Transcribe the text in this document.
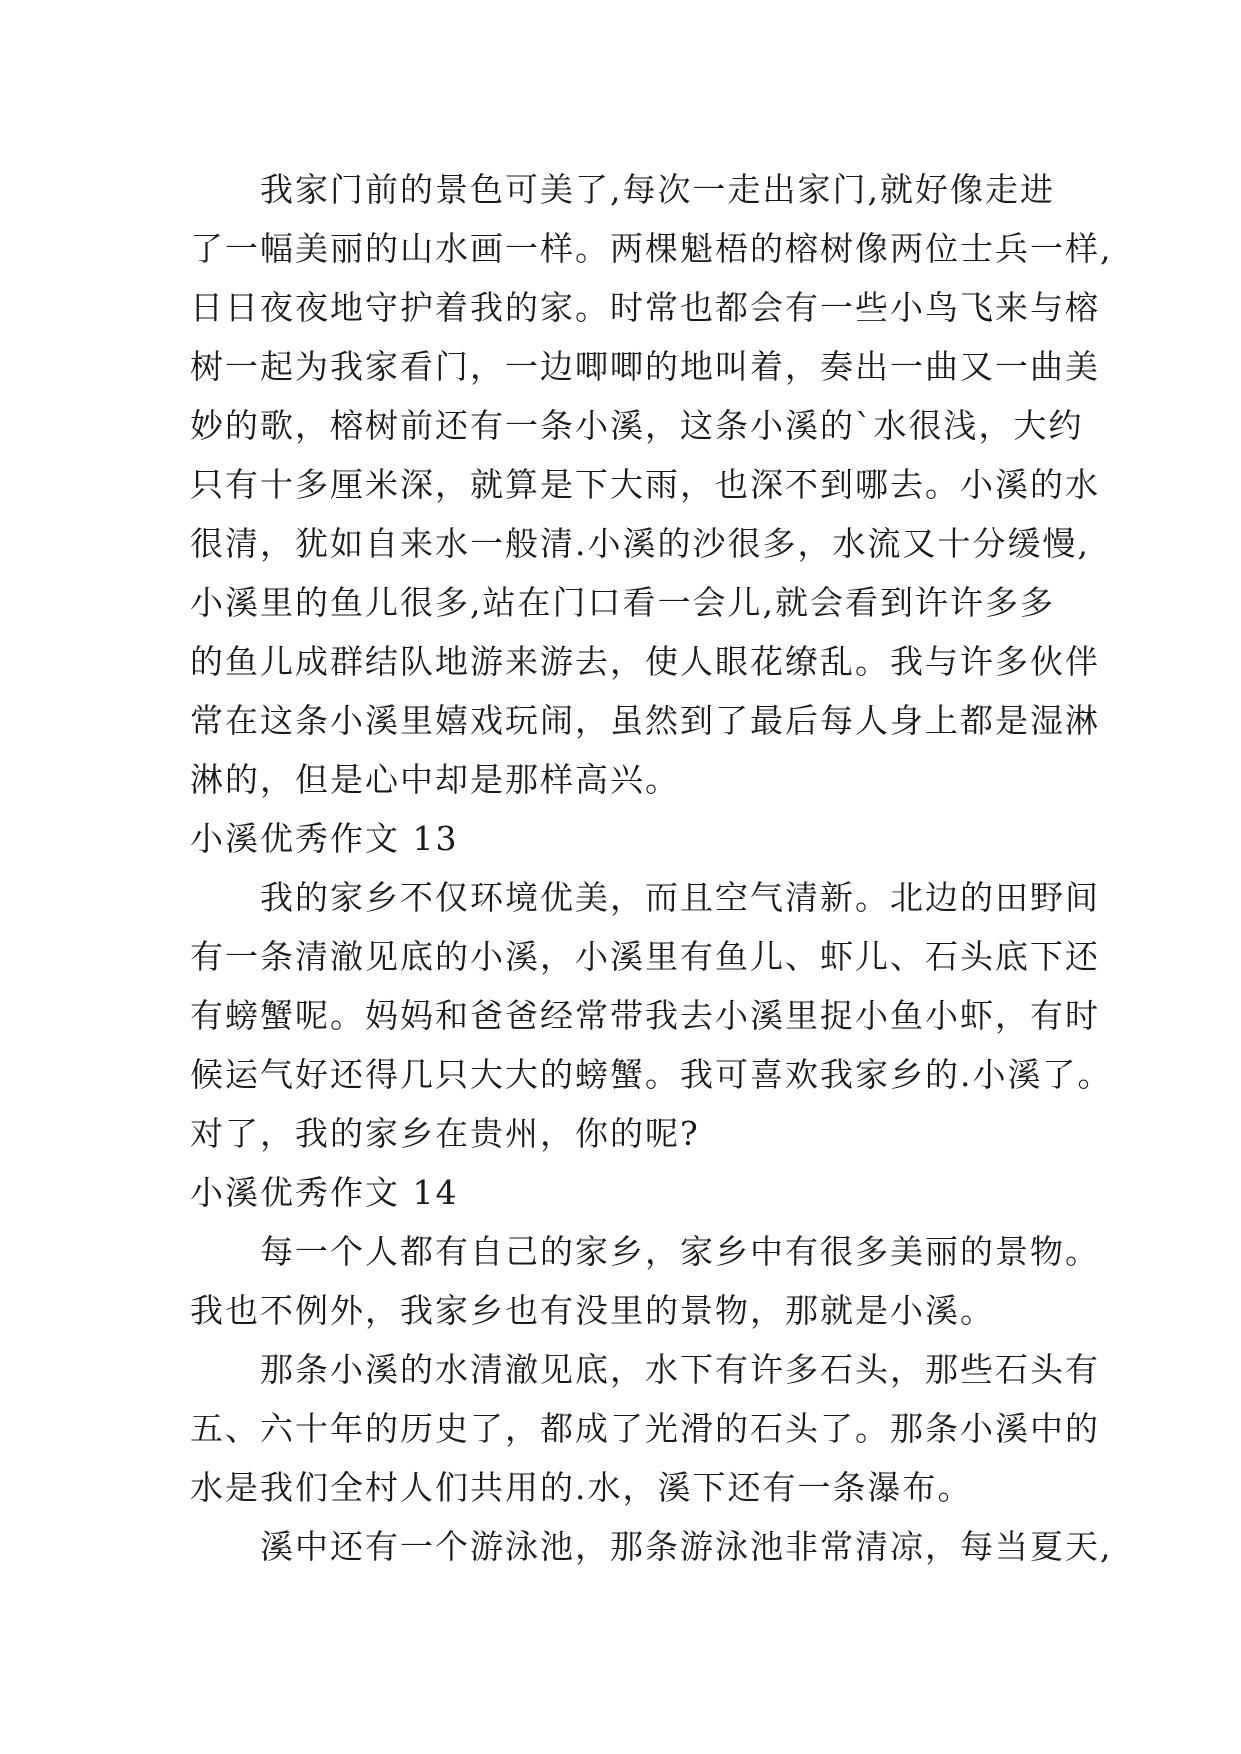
我家门前的景色可美了,每次一走出家门,就好像走进
了一幅美丽的山水画一样。两棵魁梧的榕树像两位士兵一样,
日日夜夜地守护着我的家。时常也都会有一些小鸟飞来与榕
树一起为我家看门，一边唧唧的地叫着，奏出一曲又一曲美
妙的歌，榕树前还有一条小溪，这条小溪的`水很浅，大约
只有十多厘米深，就算是下大雨，也深不到哪去。小溪的水
很清，犹如自来水一般清.小溪的沙很多，水流又十分缓慢,
小溪里的鱼儿很多,站在门口看一会儿,就会看到许许多多
的鱼儿成群结队地游来游去，使人眼花缭乱。我与许多伙伴
常在这条小溪里嬉戏玩闹，虽然到了最后每人身上都是湿淋
淋的，但是心中却是那样高兴。
小溪优秀作文 13
我的家乡不仅环境优美，而且空气清新。北边的田野间
有一条清澈见底的小溪，小溪里有鱼儿、虾儿、石头底下还
有螃蟹呢。妈妈和爸爸经常带我去小溪里捉小鱼小虾，有时
候运气好还得几只大大的螃蟹。我可喜欢我家乡的.小溪了。
对了，我的家乡在贵州，你的呢?
小溪优秀作文 14
每一个人都有自己的家乡，家乡中有很多美丽的景物。
我也不例外，我家乡也有没里的景物，那就是小溪。
那条小溪的水清澈见底，水下有许多石头，那些石头有
五、六十年的历史了，都成了光滑的石头了。那条小溪中的
水是我们全村人们共用的.水，溪下还有一条瀑布。
溪中还有一个游泳池，那条游泳池非常清凉，每当夏天,
